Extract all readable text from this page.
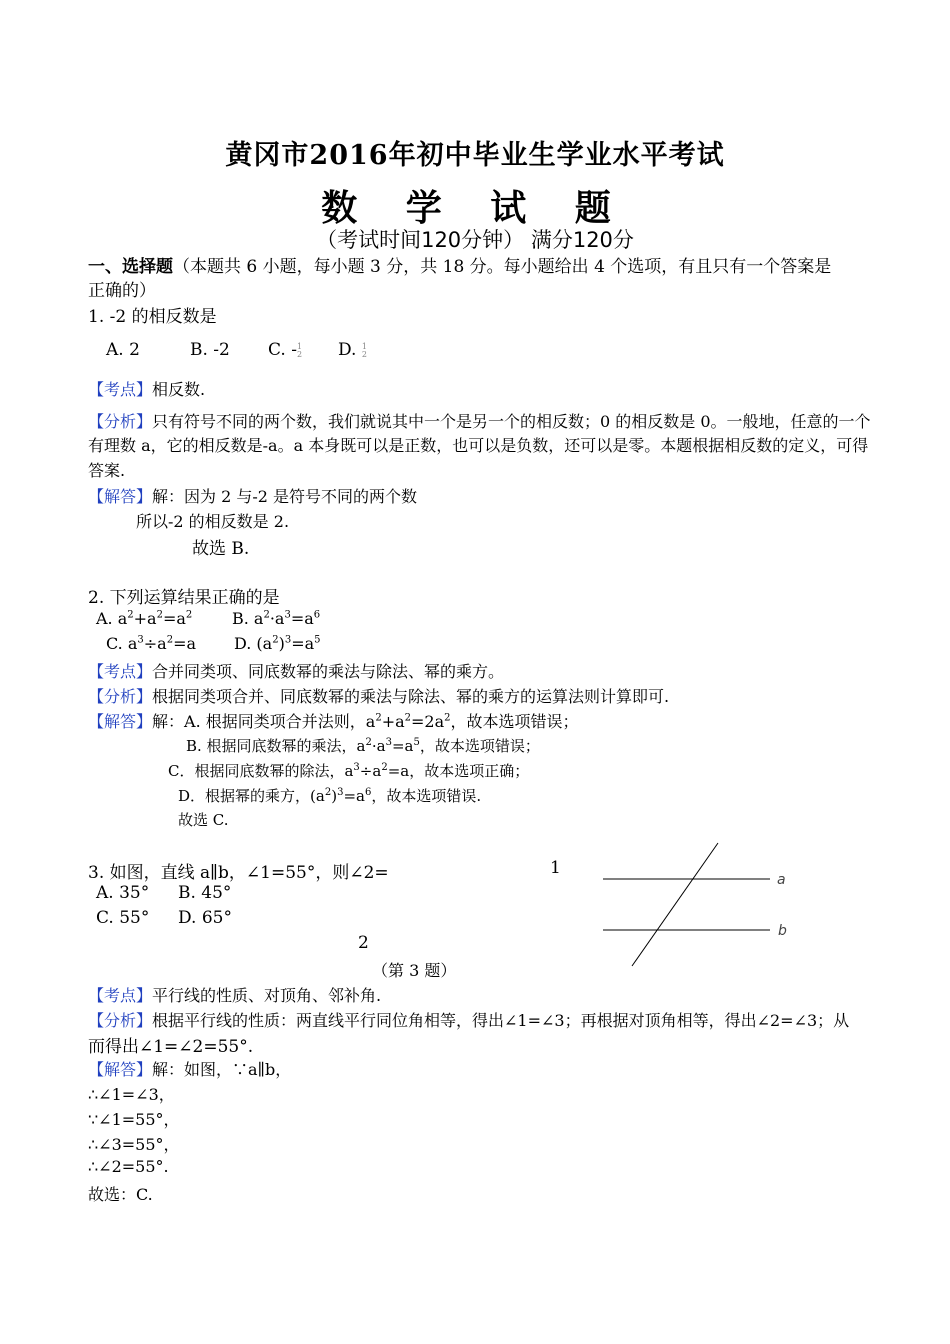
黄冈市2016年初中毕业生学业水平考试
数 学 试 题
（考试时间120分钟） 满分120分
一、选择题（本题共 6 小题，每小题 3 分，共 18 分。每小题给出 4 个选项，有且只有一个答案是
正确的）
1. -2 的相反数是
A. 2	B. -2 C. -1
2 D. 1
2
【考点】相反数.
【分析】只有符号不同的两个数，我们就说其中一个是另一个的相反数；0 的相反数是 0。一般地，任意的一个
有理数 a，它的相反数是-a。a 本身既可以是正数，也可以是负数，还可以是零。本题根据相反数的定义，可得
答案.
【解答】解：因为 2 与-2 是符号不同的两个数
所以-2 的相反数是 2.
故选 B.
2. 下列运算结果正确的是
A. $a^2+a^2=a^2$ B. $a^2\cdot a^3=a^6$
C. $a^3\div a^2=a$ D. $(a^2)^3=a^5$
【考点】合并同类项、同底数幂的乘法与除法、幂的乘方。
【分析】根据同类项合并、同底数幂的乘法与除法、幂的乘方的运算法则计算即可.
【解答】解：A. 根据同类项合并法则，$a^2+a^2=2a^2$，故本选项错误；
B. 根据同底数幂的乘法，$a^2\cdot a^3=a^5$，故本选项错误；
C．根据同底数幂的除法，$a^3\div a^2=a$，故本选项正确；
D．根据幂的乘方，$(a^2)^3=a^6$，故本选项错误.
故选 C.
3. 如图，直线 a∥b，∠1=55°，则∠2=	1
A. 35° B. 45°
C. 55° D. 65°
2
（第 3 题）
a
b
【考点】平行线的性质、对顶角、邻补角.
【分析】根据平行线的性质：两直线平行同位角相等，得出∠1=∠3；再根据对顶角相等，得出∠2=∠3；从
而得出∠1=∠2=55°.
【解答】解：如图，∵a∥b，
∴∠1=∠3，
∵∠1=55°，
∴∠3=55°，
∴∠2=55°.
故选：C.
